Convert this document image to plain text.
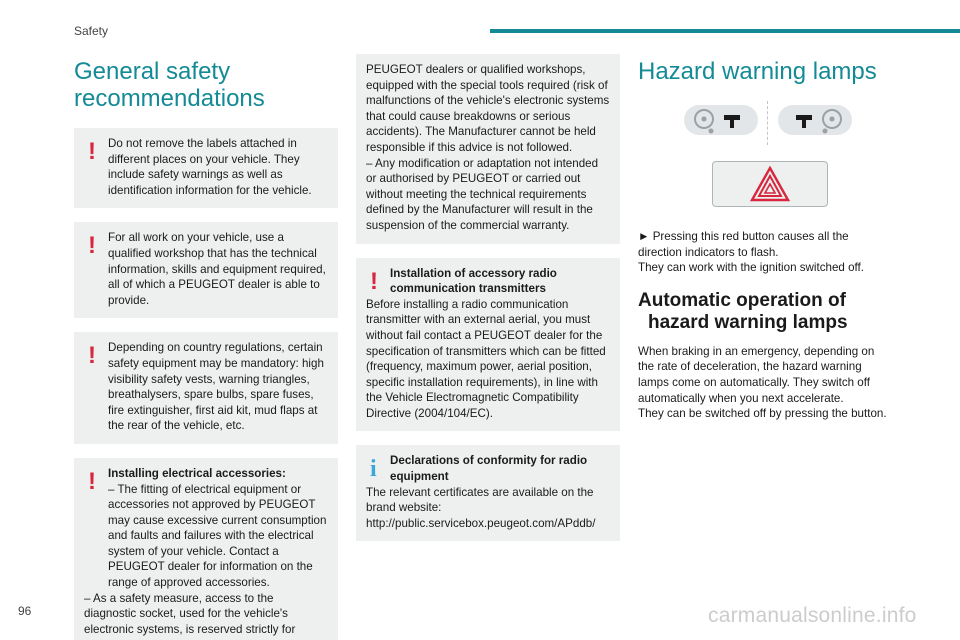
Safety
General safety
recommendations
!	Do not remove the labels attached in different places on your vehicle. They include safety warnings as well as identification information for the vehicle.

!	For all work on your vehicle, use a qualified workshop that has the technical information, skills and equipment required, all of which a PEUGEOT dealer is able to provide.

!	Depending on country regulations, certain safety equipment may be mandatory: high visibility safety vests, warning triangles, breathalysers, spare bulbs, spare fuses, fire extinguisher, first aid kit, mud flaps at the rear of the vehicle, etc.

!	Installing electrical accessories:

– The fitting of electrical equipment or accessories not approved by PEUGEOT may cause excessive current consumption and faults and failures with the electrical system of your vehicle. Contact a PEUGEOT dealer for information on the range of approved accessories.

– As a safety measure, access to the diagnostic socket, used for the vehicle's electronic systems, is reserved strictly for

PEUGEOT dealers or qualified workshops, equipped with the special tools required (risk of malfunctions of the vehicle's electronic systems that could cause breakdowns or serious accidents). The Manufacturer cannot be held responsible if this advice is not followed.

– Any modification or adaptation not intended or authorised by PEUGEOT or carried out without meeting the technical requirements defined by the Manufacturer will result in the suspension of the commercial warranty.

!	Installation of accessory radio communication transmitters

Before installing a radio communication transmitter with an external aerial, you must without fail contact a PEUGEOT dealer for the specification of transmitters which can be fitted (frequency, maximum power, aerial position, specific installation requirements), in line with the Vehicle Electromagnetic Compatibility Directive (2004/104/EC).

i	Declarations of conformity for radio equipment

The relevant certificates are available on the brand website:

http://public.servicebox.peugeot.com/APddb/

Hazard warning lamps

► Pressing this red button causes all the direction indicators to flash.

They can work with the ignition switched off.

Automatic operation of
hazard warning lamps

When braking in an emergency, depending on the rate of deceleration, the hazard warning lamps come on automatically. They switch off automatically when you next accelerate.

They can be switched off by pressing the button.

96	carmanualsonline.info
